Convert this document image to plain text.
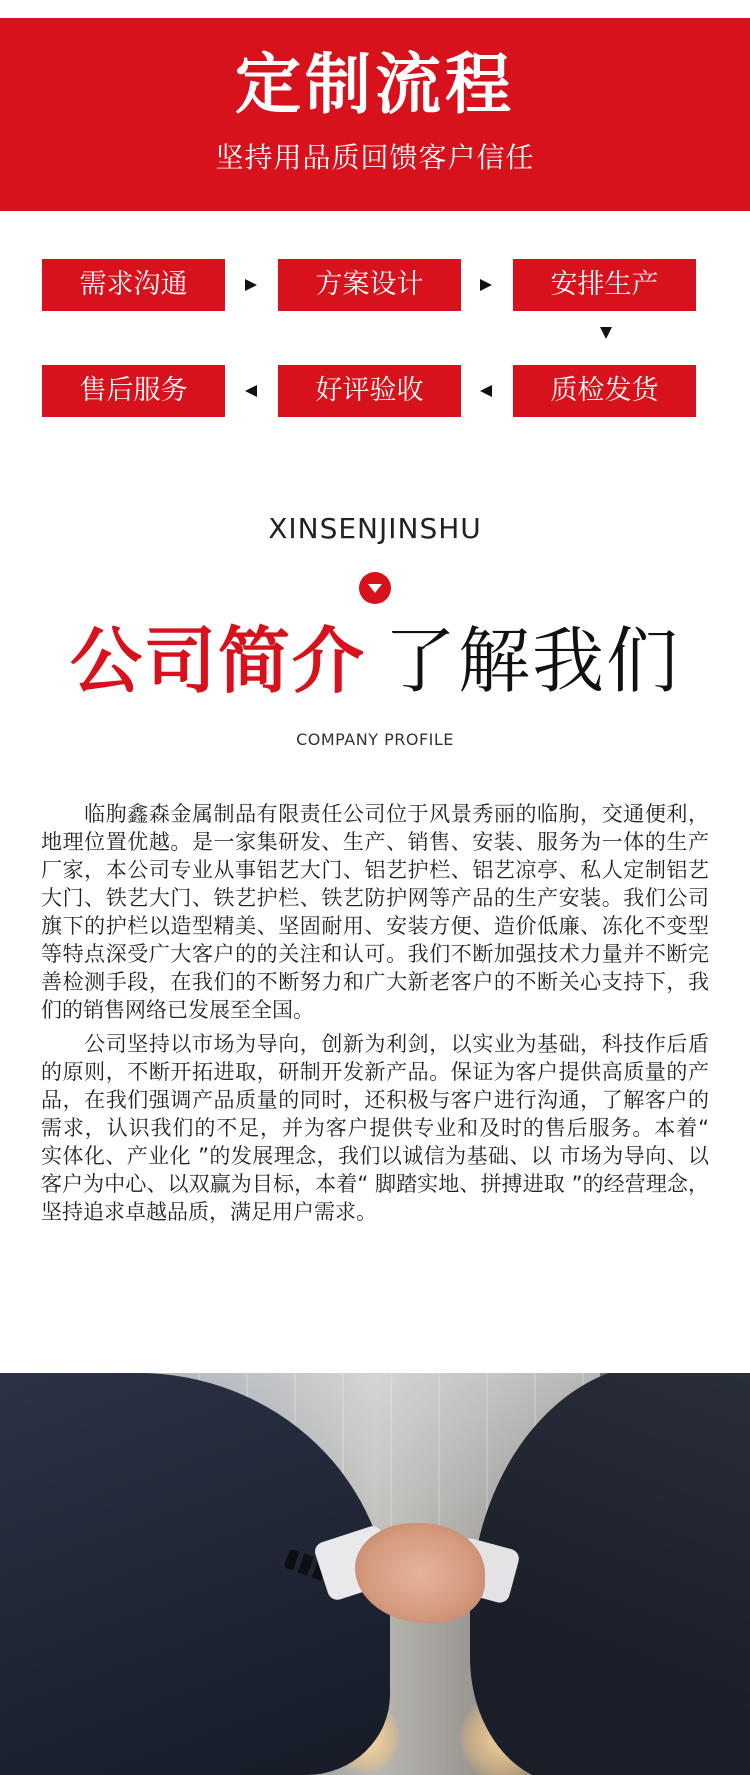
定制流程
坚持用品质回馈客户信任
需求沟通	方案设计	安排生产
售后服务	好评验收	质检发货
XINSENJINSHU
公司简介 了解我们
COMPANY PROFILE

　　临朐鑫森金属制品有限责任公司位于风景秀丽的临朐，交通便利，地理位置优越。是一家集研发、生产、销售、安装、服务为一体的生产厂家，本公司专业从事铝艺大门、铝艺护栏、铝艺凉亭、私人定制铝艺大门、铁艺大门、铁艺护栏、铁艺防护网等产品的生产安装。我们公司旗下的护栏以造型精美、坚固耐用、安装方便、造价低廉、冻化不变型等特点深受广大客户的的关注和认可。我们不断加强技术力量并不断完善检测手段，在我们的不断努力和广大新老客户的不断关心支持下，我们的销售网络已发展至全国。

　　公司坚持以市场为导向，创新为利剑，以实业为基础，科技作后盾的原则，不断开拓进取，研制开发新产品。保证为客户提供高质量的产品，在我们强调产品质量的同时，还积极与客户进行沟通，了解客户的需求，认识我们的不足，并为客户提供专业和及时的售后服务。本着“ 实体化、产业化 ”的发展理念，我们以诚信为基础、以 市场为导向、以客户为中心、以双赢为目标，本着“ 脚踏实地、拼搏进取 ”的经营理念，坚持追求卓越品质，满足用户需求。
